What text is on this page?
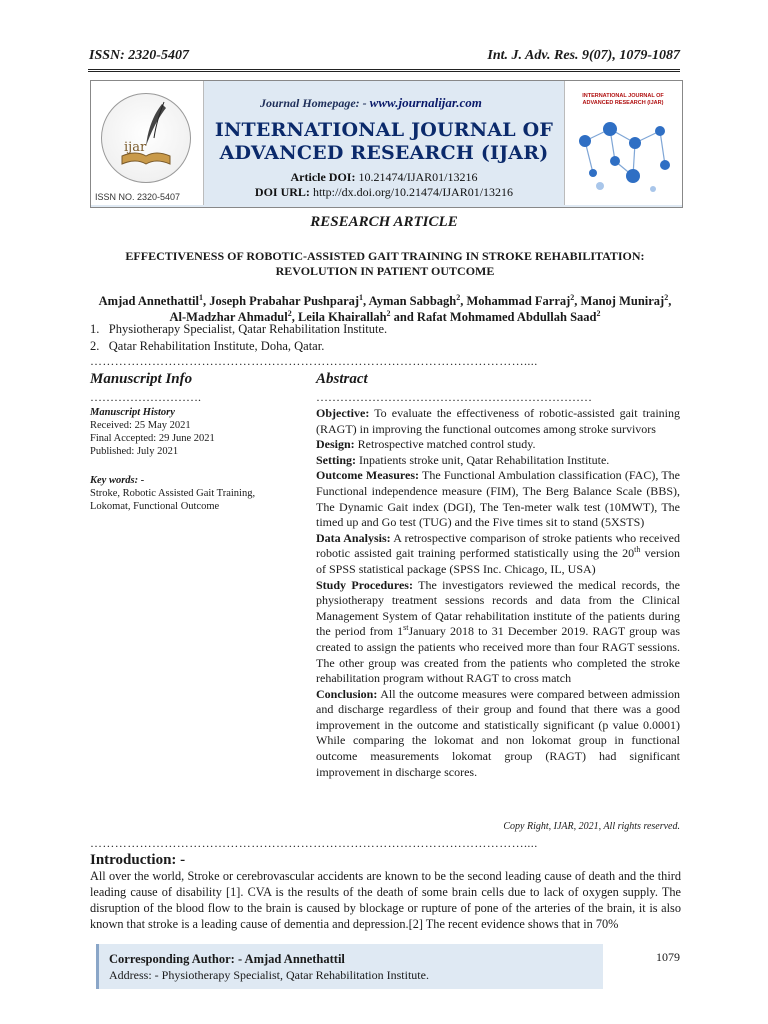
ISSN: 2320-5407	Int. J. Adv. Res. 9(07), 1079-1087
ijar
ISSN NO. 2320-5407
Journal Homepage: - www.journalijar.com
INTERNATIONAL JOURNAL OF
ADVANCED RESEARCH (IJAR)
Article DOI: 10.21474/IJAR01/13216
DOI URL: http://dx.doi.org/10.21474/IJAR01/13216
INTERNATIONAL JOURNAL OF ADVANCED RESEARCH (IJAR)
RESEARCH ARTICLE
EFFECTIVENESS OF ROBOTIC-ASSISTED GAIT TRAINING IN STROKE REHABILITATION:
REVOLUTION IN PATIENT OUTCOME
Amjad Annethattil$^1$, Joseph Prabahar Pushparaj$^1$, Ayman Sabbagh$^2$, Mohammad Farraj$^2$, Manoj Muniraj$^2$,
Al-Madzhar Ahmadul$^2$, Leila Khairallah$^2$ and Rafat Mohmamed Abdullah Saad$^2$
1.   Physiotherapy Specialist, Qatar Rehabilitation Institute.
2.   Qatar Rehabilitation Institute, Doha, Qatar.
……………………………………………………………………………………………....
Manuscript Info
……………………….
Manuscript History
Received: 25 May 2021
Final Accepted: 29 June 2021
Published: July 2021
Key words: -
Stroke, Robotic Assisted Gait Training, Lokomat, Functional Outcome
Abstract
……………………………………………………………
Objective: To evaluate the effectiveness of robotic-assisted gait training (RAGT) in improving the functional outcomes among stroke survivors
Design: Retrospective matched control study.
Setting: Inpatients stroke unit, Qatar Rehabilitation Institute.
Outcome Measures: The Functional Ambulation classification (FAC), The Functional independence measure (FIM), The Berg Balance Scale (BBS), The Dynamic Gait index (DGI), The Ten-meter walk test (10MWT), The timed up and Go test (TUG) and the Five times sit to stand (5XSTS)
Data Analysis: A retrospective comparison of stroke patients who received robotic assisted gait training performed statistically using the 20th version of SPSS statistical package (SPSS Inc. Chicago, IL, USA)
Study Procedures: The investigators reviewed the medical records, the physiotherapy treatment sessions records and data from the Clinical Management System of Qatar rehabilitation institute of the patients during the period from 1stJanuary 2018 to 31 December 2019. RAGT group was created to assign the patients who received more than four RAGT sessions. The other group was created from the patients who completed the stroke rehabilitation program without RAGT to cross match
Conclusion: All the outcome measures were compared between admission and discharge regardless of their group and found that there was a good improvement in the outcome and statistically significant (p value 0.0001) While comparing the lokomat and non lokomat group in functional outcome measurements lokomat group (RAGT) had significant improvement in discharge scores.
Copy Right, IJAR, 2021, All rights reserved.
……………………………………………………………………………………………....
Introduction: -
All over the world, Stroke or cerebrovascular accidents are known to be the second leading cause of death and the third leading cause of disability [1]. CVA is the results of the death of some brain cells due to lack of oxygen supply. The disruption of the blood flow to the brain is caused by blockage or rupture of pone of the arteries of the brain, it is also known that stroke is a leading cause of dementia and depression.[2] The recent evidence shows that in 70%
Corresponding Author: - Amjad Annethattil
Address: - Physiotherapy Specialist, Qatar Rehabilitation Institute.
1079
